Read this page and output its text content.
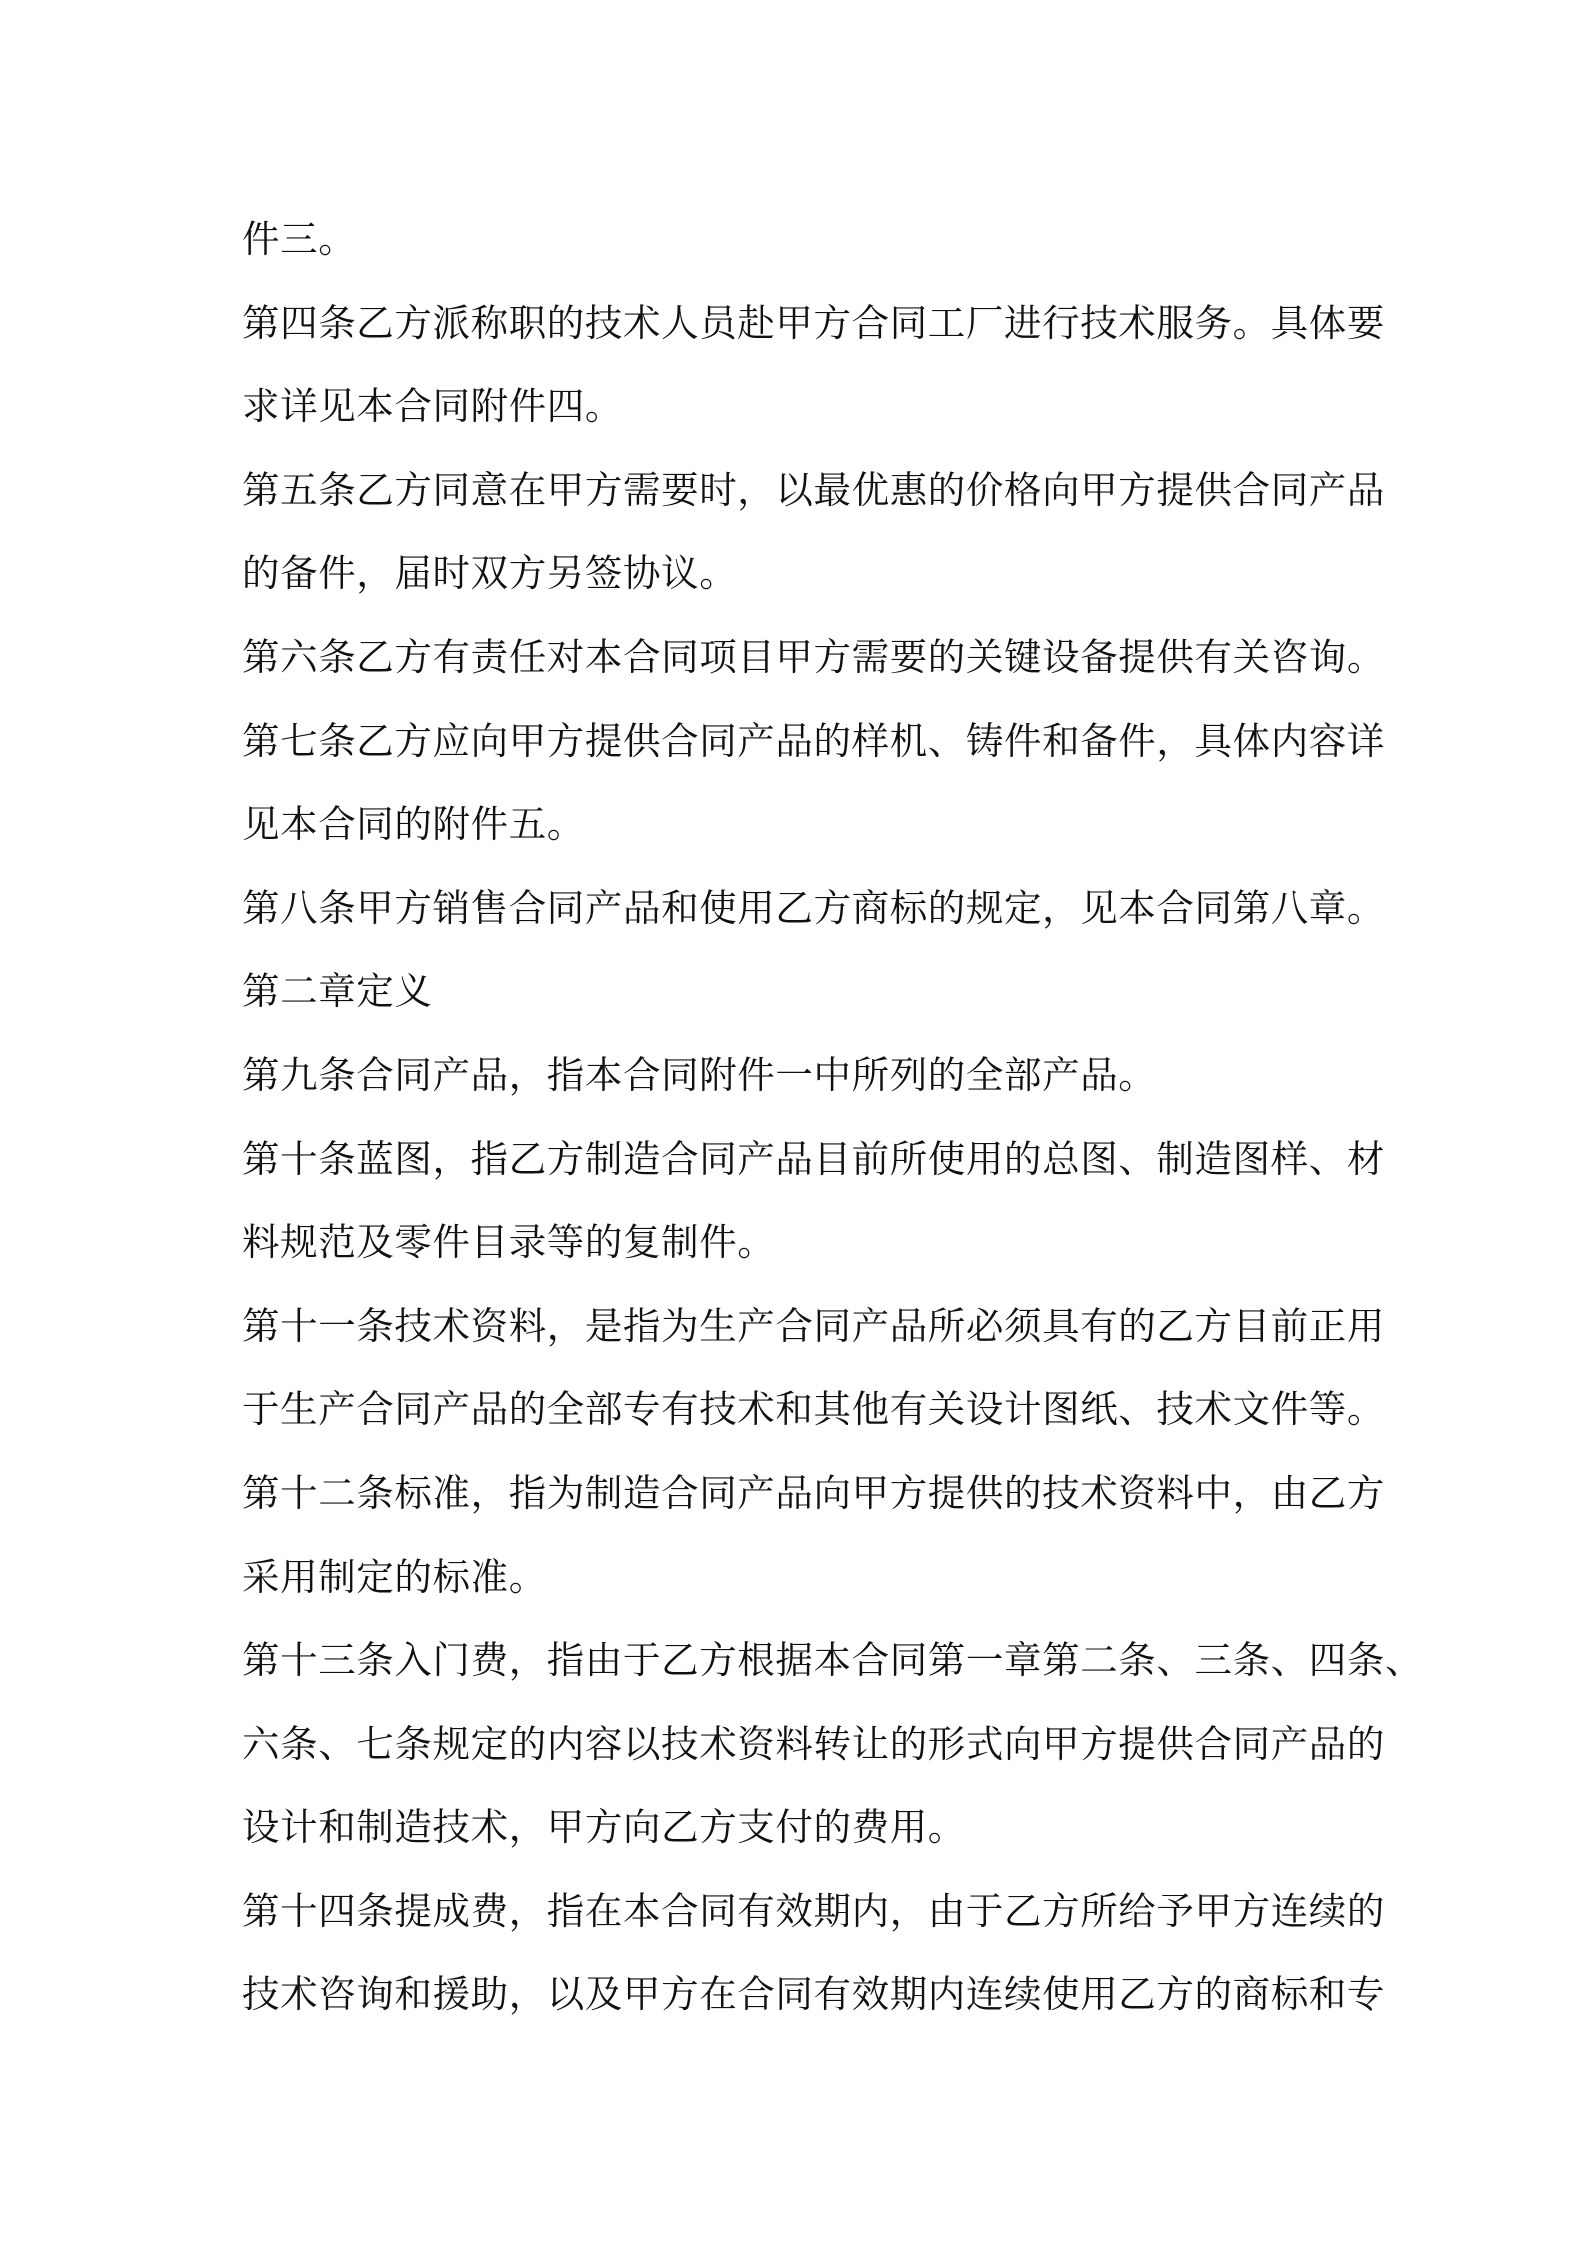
件三。

第四条乙方派称职的技术人员赴甲方合同工厂进行技术服务。具体要

求详见本合同附件四。

第五条乙方同意在甲方需要时，以最优惠的价格向甲方提供合同产品

的备件，届时双方另签协议。

第六条乙方有责任对本合同项目甲方需要的关键设备提供有关咨询。

第七条乙方应向甲方提供合同产品的样机、铸件和备件，具体内容详

见本合同的附件五。

第八条甲方销售合同产品和使用乙方商标的规定，见本合同第八章。

第二章定义

第九条合同产品，指本合同附件一中所列的全部产品。

第十条蓝图，指乙方制造合同产品目前所使用的总图、制造图样、材

料规范及零件目录等的复制件。

第十一条技术资料，是指为生产合同产品所必须具有的乙方目前正用

于生产合同产品的全部专有技术和其他有关设计图纸、技术文件等。

第十二条标准，指为制造合同产品向甲方提供的技术资料中，由乙方

采用制定的标准。

第十三条入门费，指由于乙方根据本合同第一章第二条、三条、四条、

六条、七条规定的内容以技术资料转让的形式向甲方提供合同产品的

设计和制造技术，甲方向乙方支付的费用。

第十四条提成费，指在本合同有效期内，由于乙方所给予甲方连续的

技术咨询和援助，以及甲方在合同有效期内连续使用乙方的商标和专
